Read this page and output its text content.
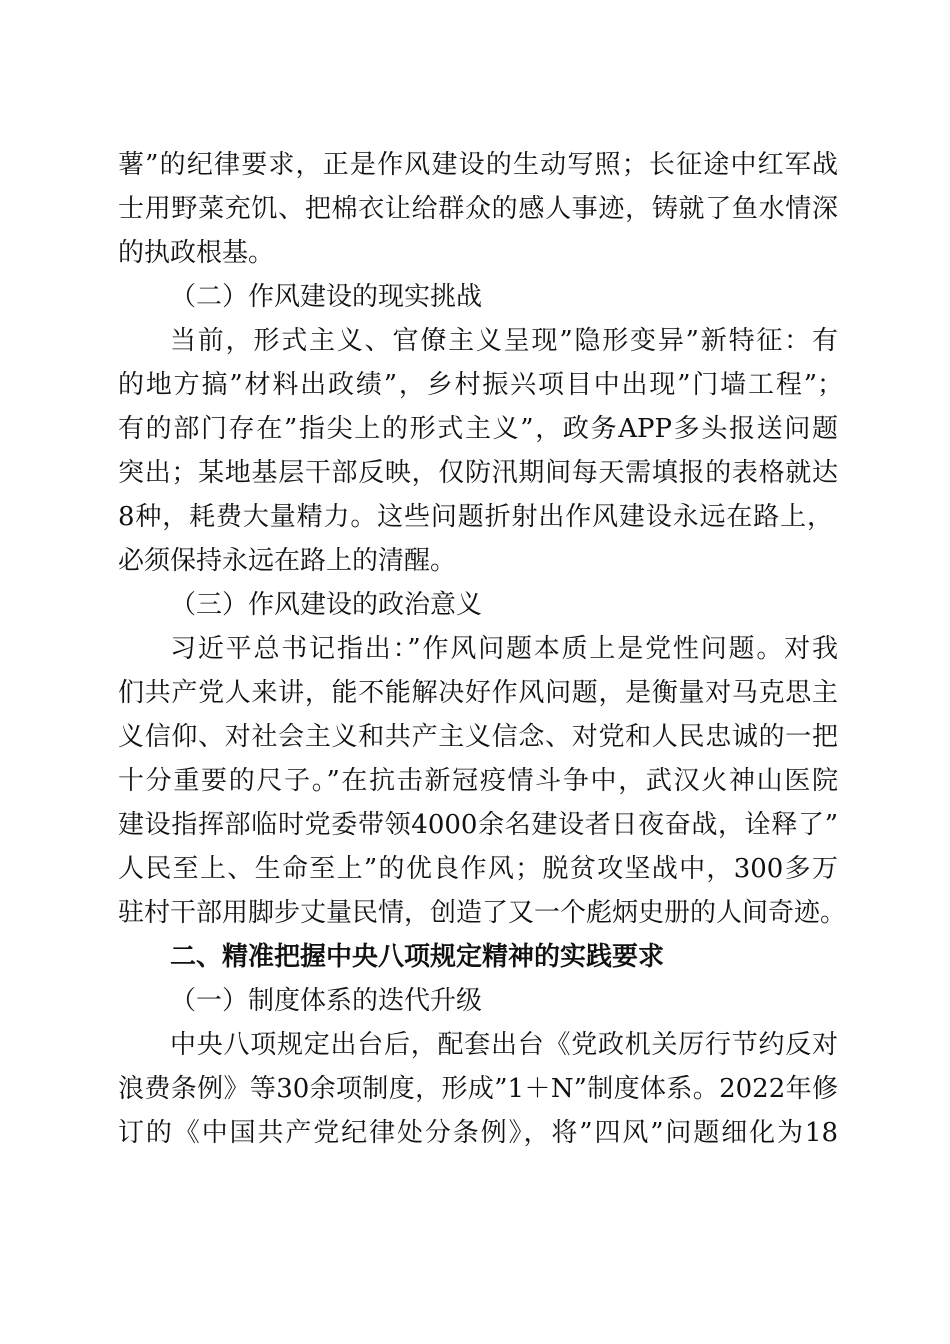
薯”的纪律要求，正是作风建设的生动写照；长征途中红军战
士用野菜充饥、把棉衣让给群众的感人事迹，铸就了鱼水情深
的执政根基。
（二）作风建设的现实挑战
当前，形式主义、官僚主义呈现”隐形变异”新特征：有
的地方搞”材料出政绩”，乡村振兴项目中出现”门墙工程”；
有的部门存在”指尖上的形式主义”，政务APP多头报送问题
突出；某地基层干部反映，仅防汛期间每天需填报的表格就达
8种，耗费大量精力。这些问题折射出作风建设永远在路上，
必须保持永远在路上的清醒。
（三）作风建设的政治意义
习近平总书记指出：”作风问题本质上是党性问题。对我
们共产党人来讲，能不能解决好作风问题，是衡量对马克思主
义信仰、对社会主义和共产主义信念、对党和人民忠诚的一把
十分重要的尺子。”在抗击新冠疫情斗争中，武汉火神山医院
建设指挥部临时党委带领4000余名建设者日夜奋战，诠释了”
人民至上、生命至上”的优良作风；脱贫攻坚战中，300多万
驻村干部用脚步丈量民情，创造了又一个彪炳史册的人间奇迹。
二、精准把握中央八项规定精神的实践要求
（一）制度体系的迭代升级
中央八项规定出台后，配套出台《党政机关厉行节约反对
浪费条例》等30余项制度，形成”1＋N”制度体系。2022年修
订的《中国共产党纪律处分条例》，将”四风”问题细化为18
